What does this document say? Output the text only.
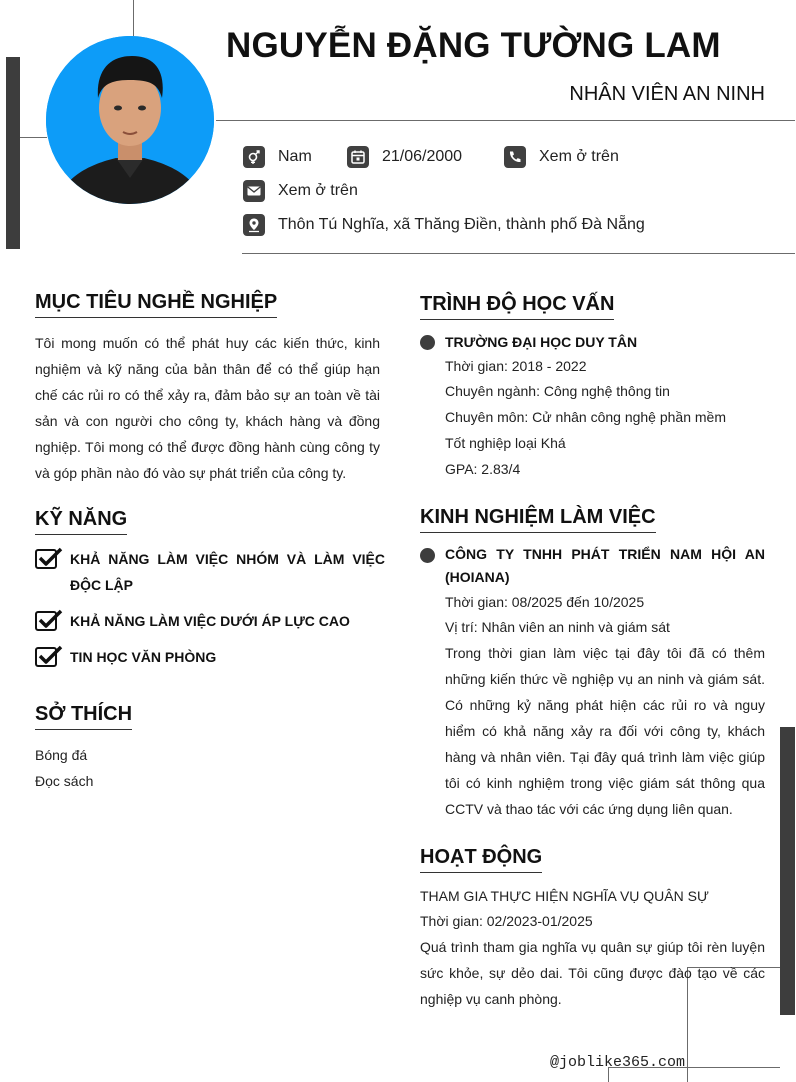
NGUYỄN ĐẶNG TƯỜNG LAM
NHÂN VIÊN AN NINH
Nam	21/06/2000	Xem ở trên
Xem ở trên
Thôn Tú Nghĩa, xã Thăng Điền, thành phố Đà Nẵng
MỤC TIÊU NGHỀ NGHIỆP
Tôi mong muốn có thể phát huy các kiến thức, kinh nghiệm và kỹ năng của bản thân để có thể giúp hạn chế các rủi ro có thể xảy ra, đảm bảo sự an toàn về tài sản và con người cho công ty, khách hàng và đồng nghiệp. Tôi mong có thể được đồng hành cùng công ty và góp phần nào đó vào sự phát triển của công ty.
KỸ NĂNG
KHẢ NĂNG LÀM VIỆC NHÓM VÀ LÀM VIỆC ĐỘC LẬP
KHẢ NĂNG LÀM VIỆC DƯỚI ÁP LỰC CAO
TIN HỌC VĂN PHÒNG
SỞ THÍCH
Bóng đá
Đọc sách
TRÌNH ĐỘ HỌC VẤN
TRƯỜNG ĐẠI HỌC DUY TÂN
Thời gian: 2018 - 2022
Chuyên ngành: Công nghệ thông tin
Chuyên môn: Cử nhân công nghệ phần mềm
Tốt nghiệp loại Khá
GPA: 2.83/4
KINH NGHIỆM LÀM VIỆC
CÔNG TY TNHH PHÁT TRIỂN NAM HỘI AN (HOIANA)
Thời gian: 08/2025 đến 10/2025
Vị trí: Nhân viên an ninh và giám sát
Trong thời gian làm việc tại đây tôi đã có thêm những kiến thức về nghiệp vụ an ninh và giám sát. Có những kỷ năng phát hiện các rủi ro và nguy hiểm có khả năng xảy ra đối với công ty, khách hàng và nhân viên. Tại đây quá trình làm việc giúp tôi có kinh nghiệm trong việc giám sát thông qua CCTV và thao tác với các ứng dụng liên quan.
HOẠT ĐỘNG
THAM GIA THỰC HIỆN NGHĨA VỤ QUÂN SỰ
Thời gian: 02/2023-01/2025
Quá trình tham gia nghĩa vụ quân sự giúp tôi rèn luyện sức khỏe, sự dẻo dai. Tôi cũng được đào tạo về các nghiệp vụ canh phòng.
@joblike365.com
